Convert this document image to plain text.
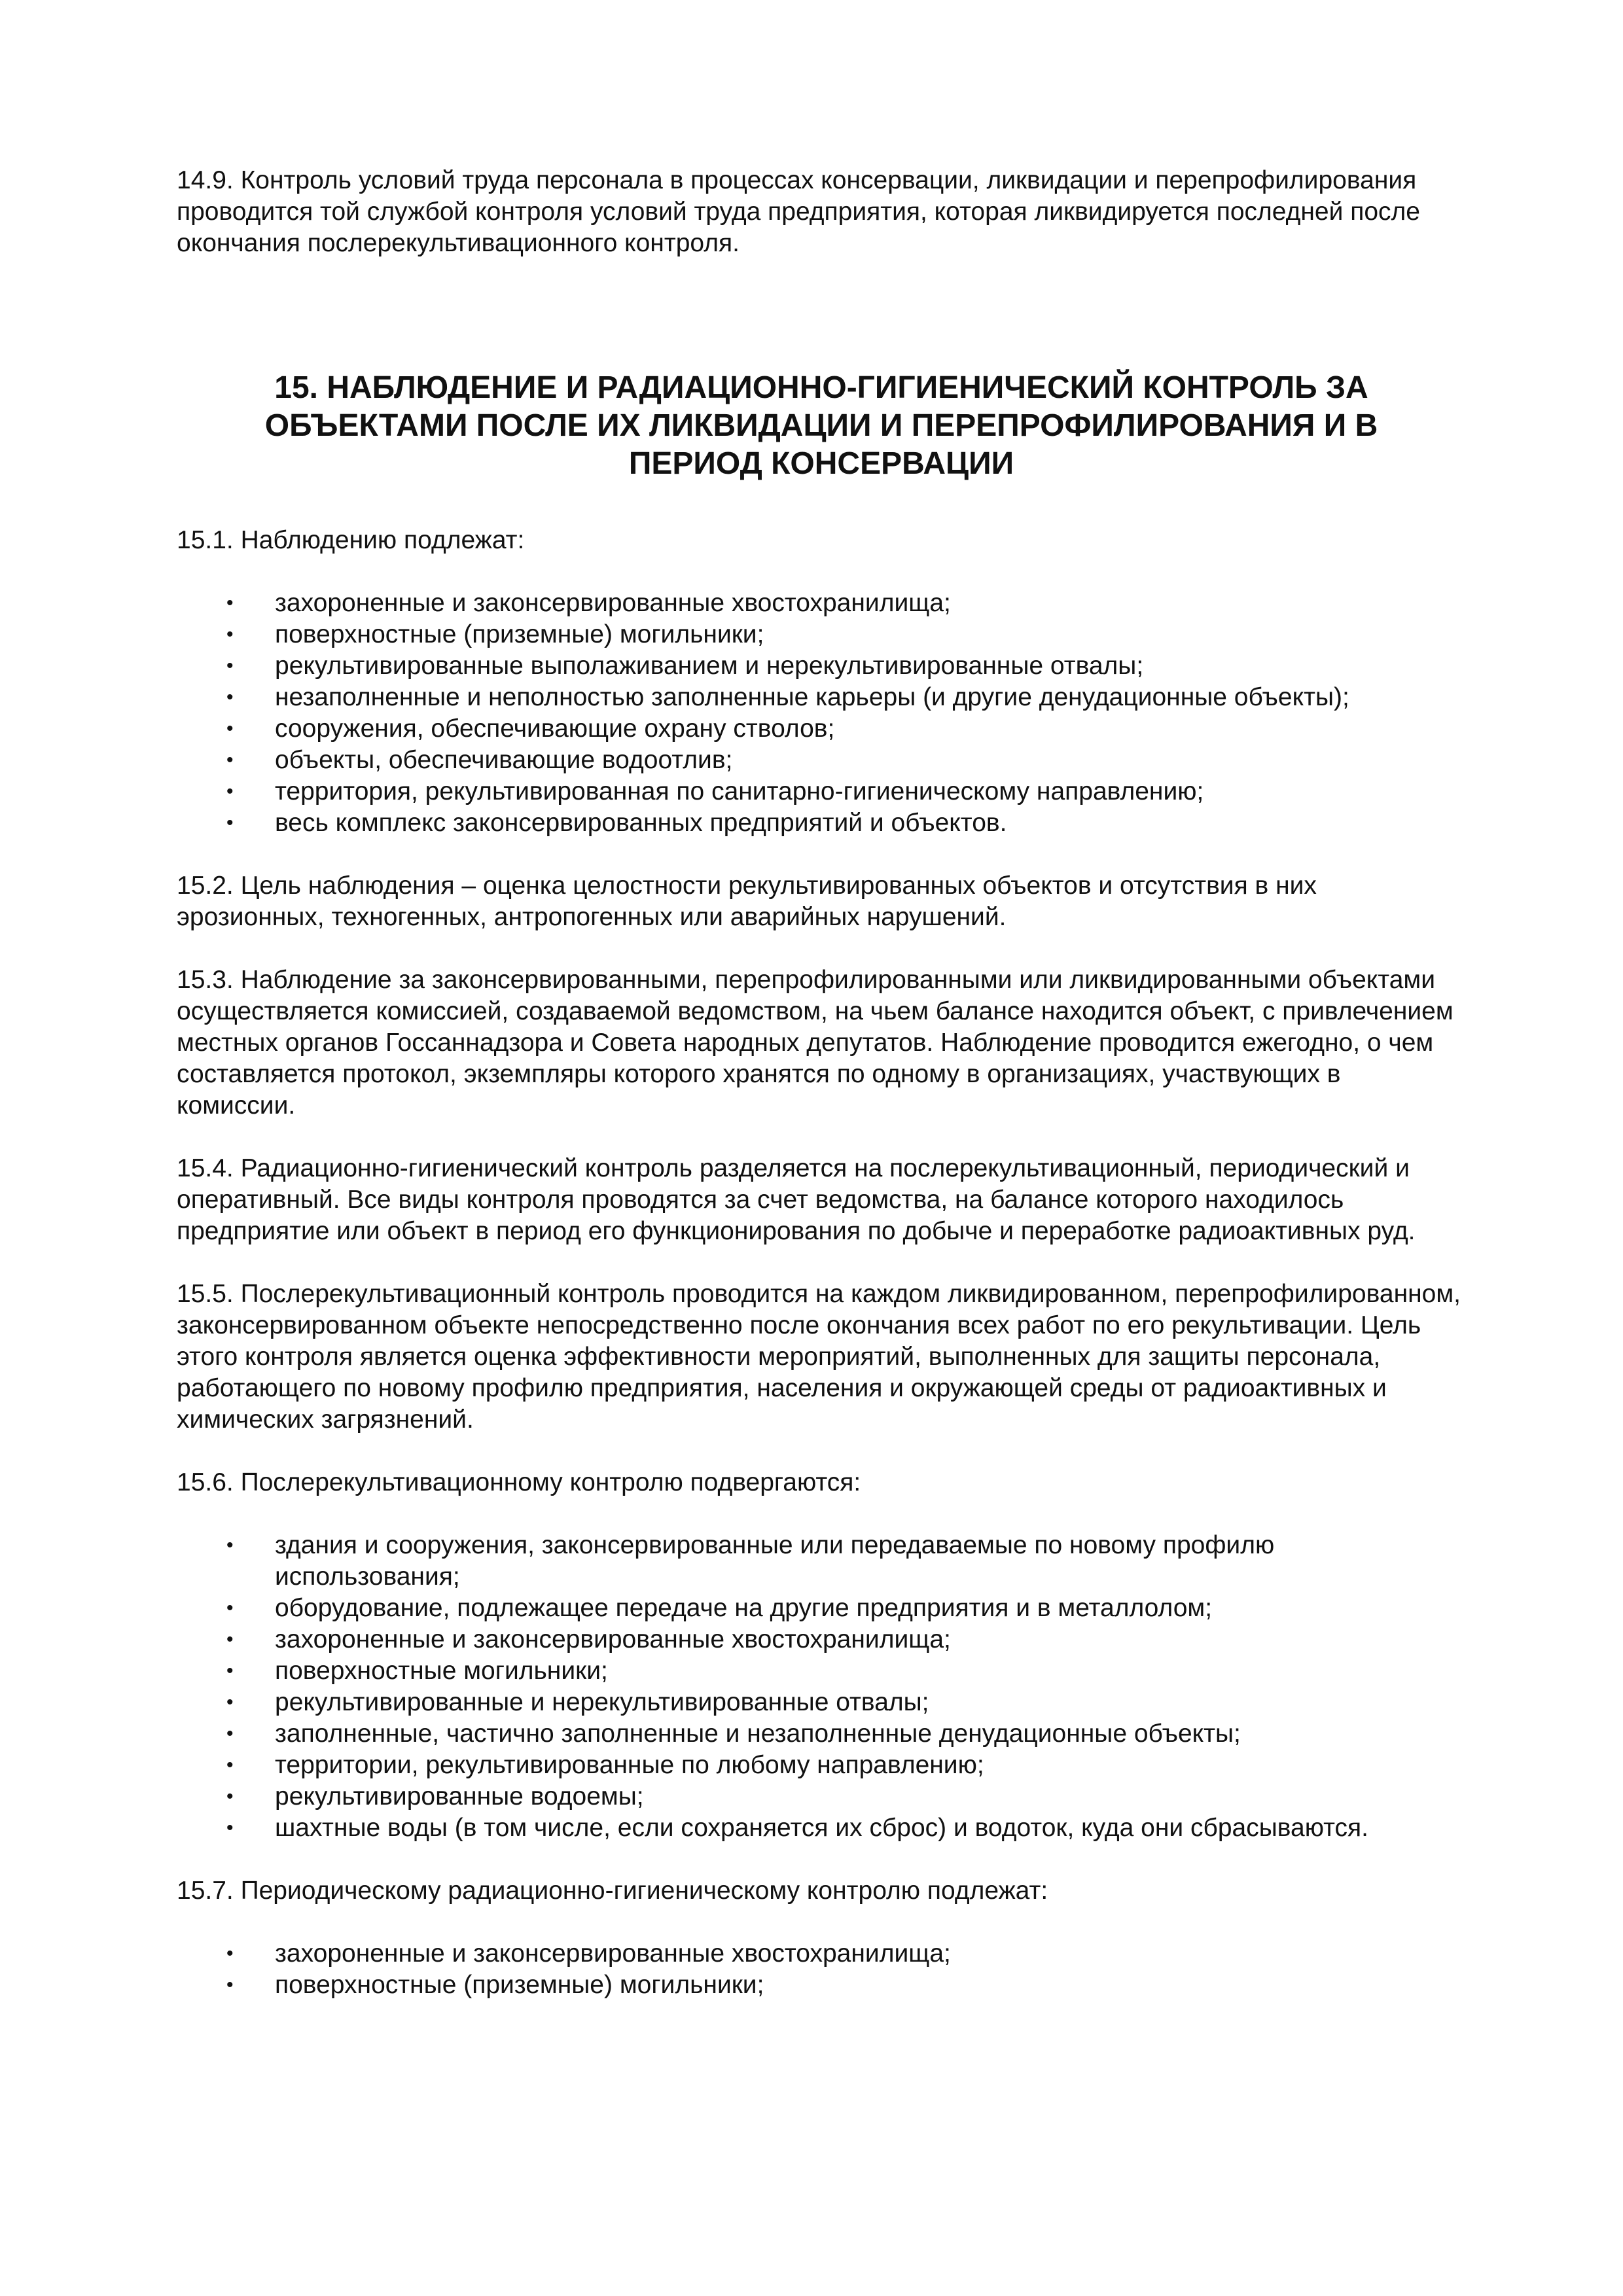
14.9. Контроль условий труда персонала в процессах консервации, ликвидации и перепрофилирования проводится той службой контроля условий труда предприятия, которая ликвидируется последней после окончания послерекультивационного контроля.

15. НАБЛЮДЕНИЕ И РАДИАЦИОННО-ГИГИЕНИЧЕСКИЙ КОНТРОЛЬ ЗА
ОБЪЕКТАМИ ПОСЛЕ ИХ ЛИКВИДАЦИИ И ПЕРЕПРОФИЛИРОВАНИЯ И В
ПЕРИОД КОНСЕРВАЦИИ

15.1. Наблюдению подлежат:

• захороненные и законсервированные хвостохранилища;
• поверхностные (приземные) могильники;
• рекультивированные выполаживанием и нерекультивированные отвалы;
• незаполненные и неполностью заполненные карьеры (и другие денудационные объекты);
• сооружения, обеспечивающие охрану стволов;
• объекты, обеспечивающие водоотлив;
• территория, рекультивированная по санитарно-гигиеническому направлению;
• весь комплекс законсервированных предприятий и объектов.

15.2. Цель наблюдения – оценка целостности рекультивированных объектов и отсутствия в них эрозионных, техногенных, антропогенных или аварийных нарушений.

15.3. Наблюдение за законсервированными, перепрофилированными или ликвидированными объектами осуществляется комиссией, создаваемой ведомством, на чьем балансе находится объект, с привлечением местных органов Госсаннадзора и Совета народных депутатов. Наблюдение проводится ежегодно, о чем составляется протокол, экземпляры которого хранятся по одному в организациях, участвующих в комиссии.

15.4. Радиационно-гигиенический контроль разделяется на послерекультивационный, периодический и оперативный. Все виды контроля проводятся за счет ведомства, на балансе которого находилось предприятие или объект в период его функционирования по добыче и переработке радиоактивных руд.

15.5. Послерекультивационный контроль проводится на каждом ликвидированном, перепрофилированном, законсервированном объекте непосредственно после окончания всех работ по его рекультивации. Цель этого контроля является оценка эффективности мероприятий, выполненных для защиты персонала, работающего по новому профилю предприятия, населения и окружающей среды от радиоактивных и химических загрязнений.

15.6. Послерекультивационному контролю подвергаются:

• здания и сооружения, законсервированные или передаваемые по новому профилю использования;
• оборудование, подлежащее передаче на другие предприятия и в металлолом;
• захороненные и законсервированные хвостохранилища;
• поверхностные могильники;
• рекультивированные и нерекультивированные отвалы;
• заполненные, частично заполненные и незаполненные денудационные объекты;
• территории, рекультивированные по любому направлению;
• рекультивированные водоемы;
• шахтные воды (в том числе, если сохраняется их сброс) и водоток, куда они сбрасываются.

15.7. Периодическому радиационно-гигиеническому контролю подлежат:

• захороненные и законсервированные хвостохранилища;
• поверхностные (приземные) могильники;
